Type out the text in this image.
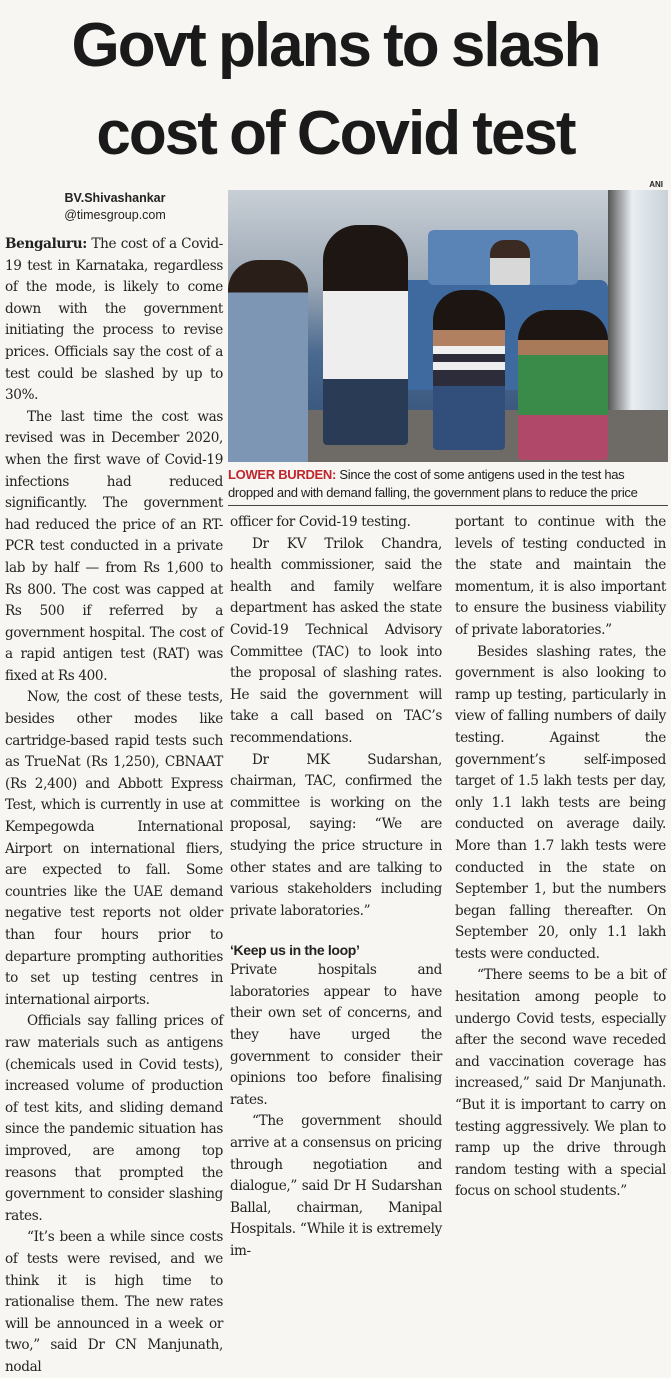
Govt plans to slash
cost of Covid test
BV.Shivashankar
@timesgroup.com
ANI
LOWER BURDEN: Since the cost of some antigens used in the test has dropped and with demand falling, the government plans to reduce the price

Bengaluru: The cost of a Covid-19 test in Karnataka, regardless of the mode, is likely to come down with the government initiating the process to revise prices. Officials say the cost of a test could be slashed by up to 30%.

The last time the cost was revised was in December 2020, when the first wave of Covid-19 infections had reduced significantly. The government had reduced the price of an RT-PCR test conducted in a private lab by half — from Rs 1,600 to Rs 800. The cost was capped at Rs 500 if referred by a government hospital. The cost of a rapid antigen test (RAT) was fixed at Rs 400.

Now, the cost of these tests, besides other modes like cartridge-based rapid tests such as TrueNat (Rs 1,250), CBNAAT (Rs 2,400) and Abbott Express Test, which is currently in use at Kempegowda International Airport on international fliers, are expected to fall. Some countries like the UAE demand negative test reports not older than four hours prior to departure prompting authorities to set up testing centres in international airports.

Officials say falling prices of raw materials such as antigens (chemicals used in Covid tests), increased volume of production of test kits, and sliding demand since the pandemic situation has improved, are among top reasons that prompted the government to consider slashing rates.

“It’s been a while since costs of tests were revised, and we think it is high time to rationalise them. The new rates will be announced in a week or two,” said Dr CN Manjunath, nodal

officer for Covid-19 testing.

Dr KV Trilok Chandra, health commissioner, said the health and family welfare department has asked the state Covid-19 Technical Advisory Committee (TAC) to look into the proposal of slashing rates. He said the government will take a call based on TAC’s recommendations.

Dr MK Sudarshan, chairman, TAC, confirmed the committee is working on the proposal, saying: “We are studying the price structure in other states and are talking to various stakeholders including private laboratories.”

‘Keep us in the loop’

Private hospitals and laboratories appear to have their own set of concerns, and they have urged the government to consider their opinions too before finalising rates.

“The government should arrive at a consensus on pricing through negotiation and dialogue,” said Dr H Sudarshan Ballal, chairman, Manipal Hospitals. “While it is extremely im-

portant to continue with the levels of testing conducted in the state and maintain the momentum, it is also important to ensure the business viability of private laboratories.”

Besides slashing rates, the government is also looking to ramp up testing, particularly in view of falling numbers of daily testing. Against the government’s self-imposed target of 1.5 lakh tests per day, only 1.1 lakh tests are being conducted on average daily. More than 1.7 lakh tests were conducted in the state on September 1, but the numbers began falling thereafter. On September 20, only 1.1 lakh tests were conducted.

“There seems to be a bit of hesitation among people to undergo Covid tests, especially after the second wave receded and vaccination coverage has increased,” said Dr Manjunath. “But it is important to carry on testing aggressively. We plan to ramp up the drive through random testing with a special focus on school students.”
